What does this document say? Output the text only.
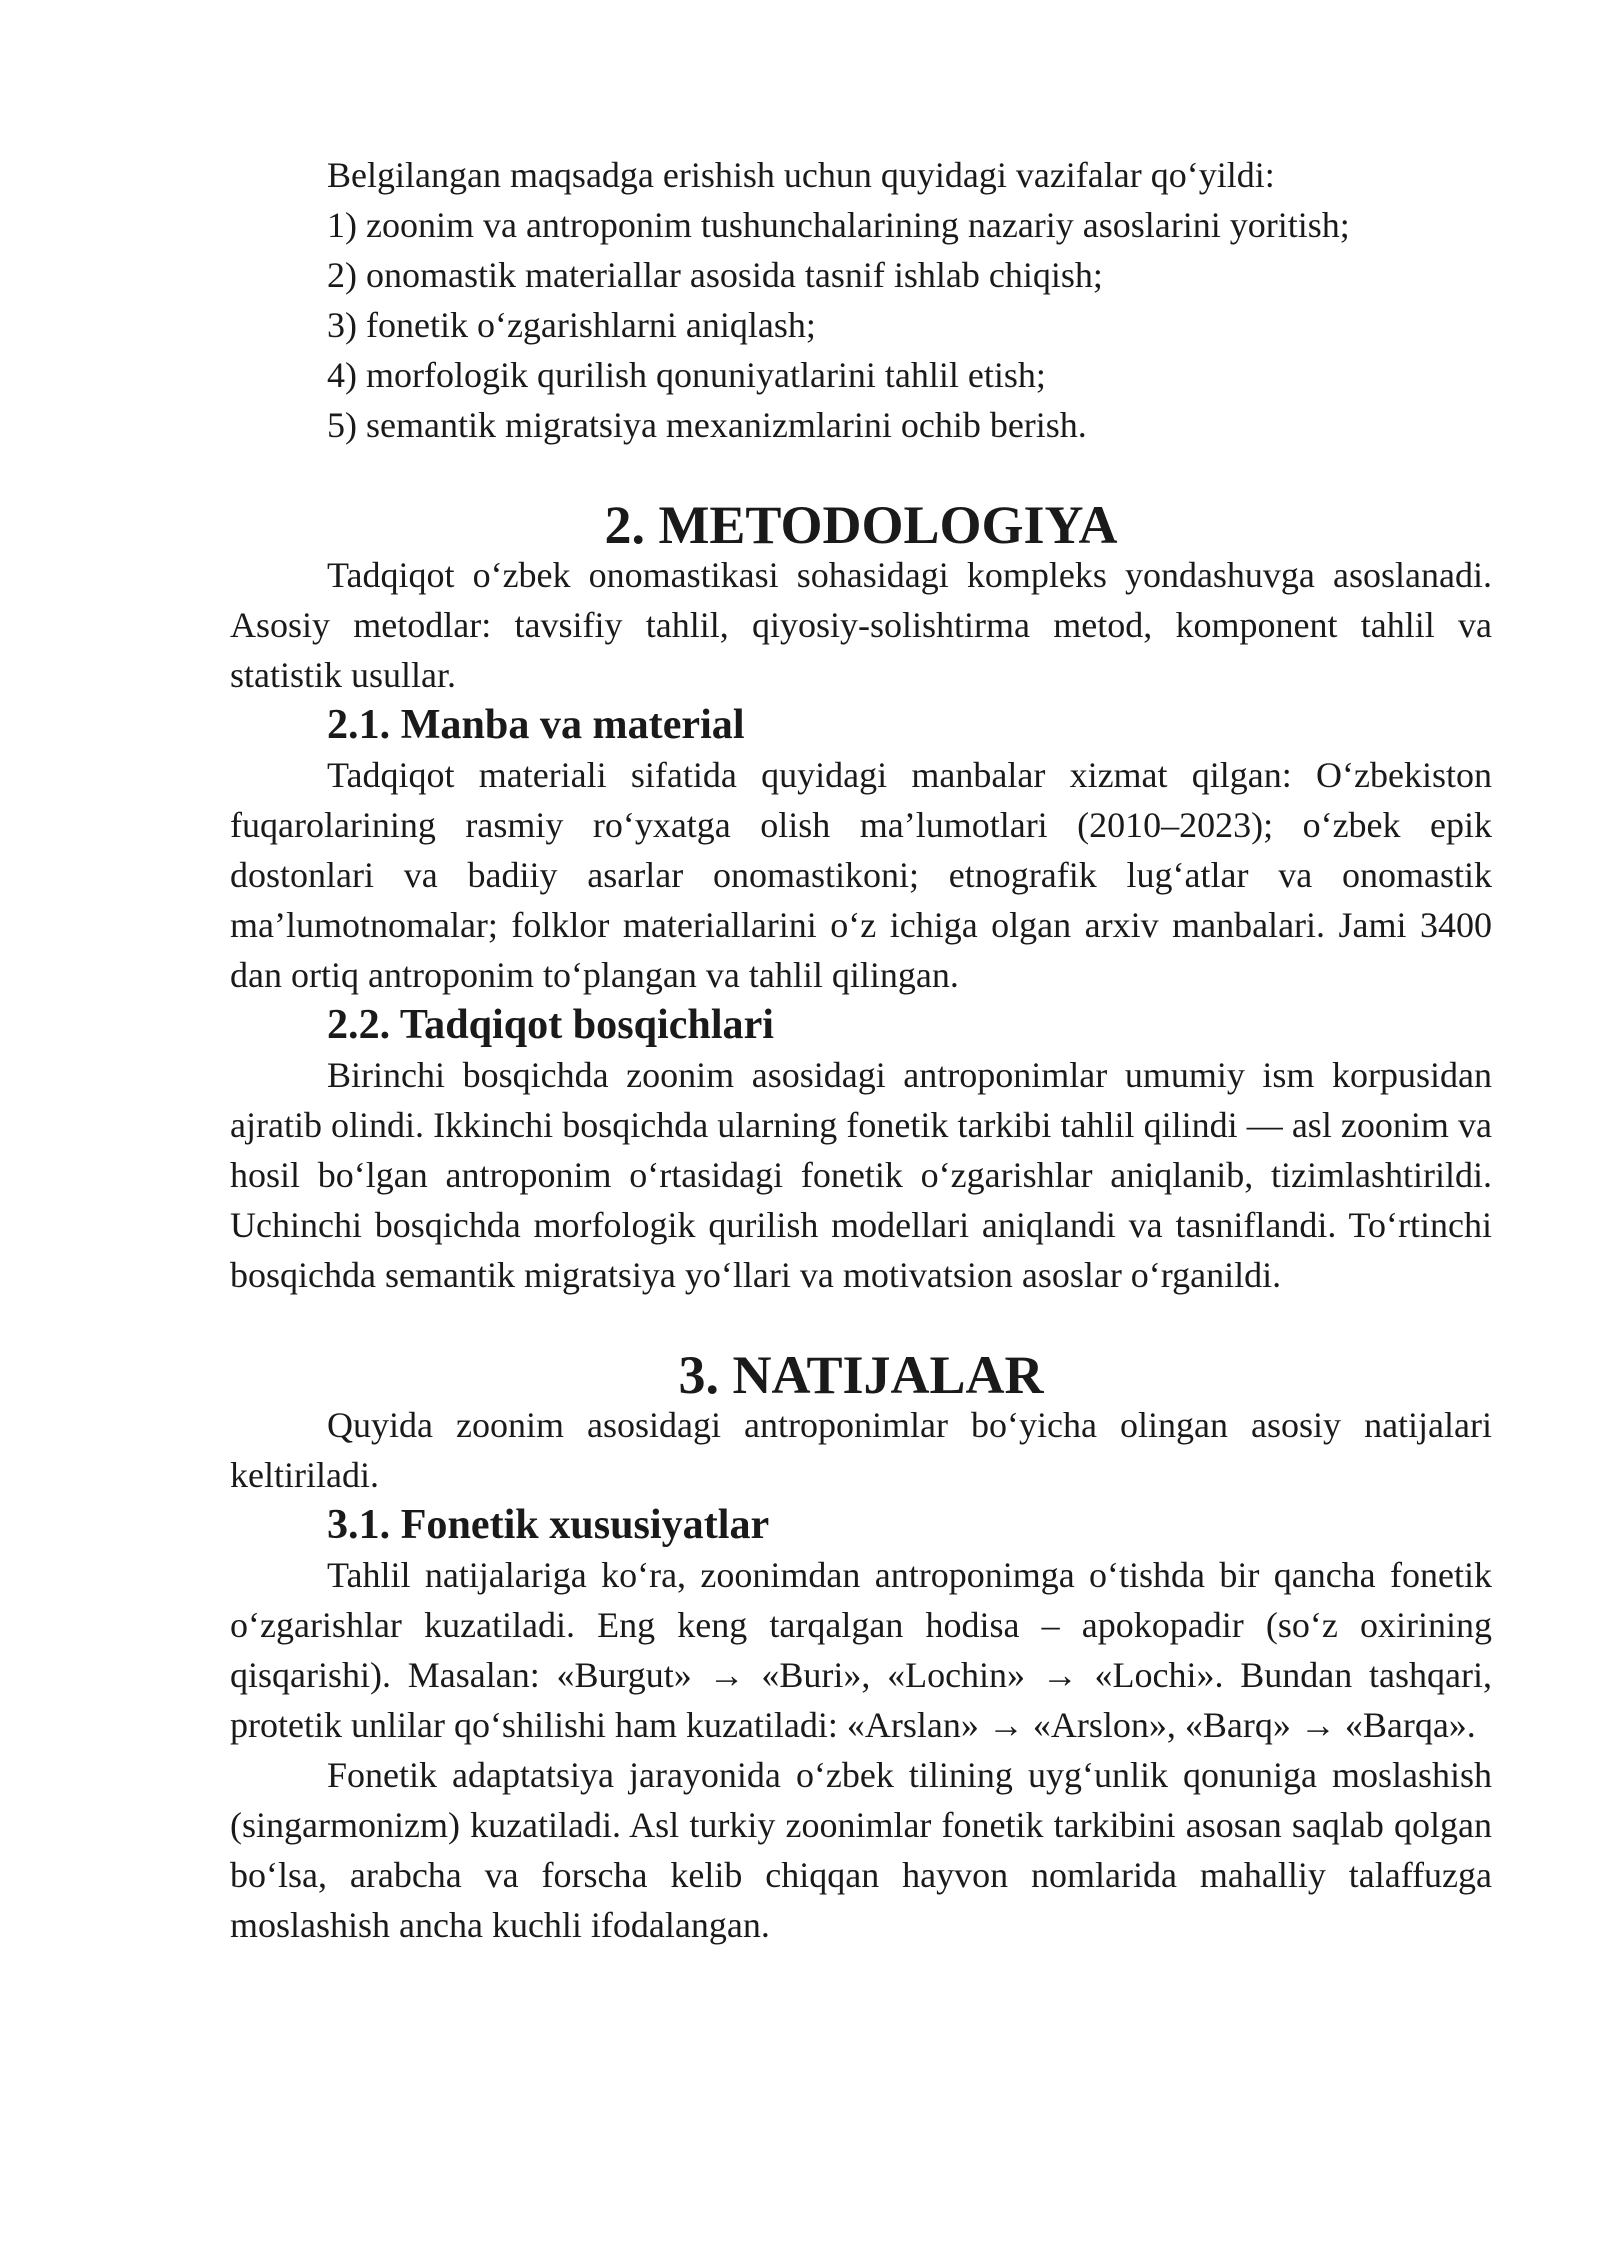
Belgilangan maqsadga erishish uchun quyidagi vazifalar qo‘yildi:

1) zoonim va antroponim tushunchalarining nazariy asoslarini yoritish;

2) onomastik materiallar asosida tasnif ishlab chiqish;

3) fonetik o‘zgarishlarni aniqlash;

4) morfologik qurilish qonuniyatlarini tahlil etish;

5) semantik migratsiya mexanizmlarini ochib berish.

2. METODOLOGIYA

Tadqiqot o‘zbek onomastikasi sohasidagi kompleks yondashuvga asoslanadi. Asosiy metodlar: tavsifiy tahlil, qiyosiy-solishtirma metod, komponent tahlil va statistik usullar.

2.1. Manba va material

Tadqiqot materiali sifatida quyidagi manbalar xizmat qilgan: O‘zbekiston fuqarolarining rasmiy ro‘yxatga olish ma’lumotlari (2010–2023); o‘zbek epik dostonlari va badiiy asarlar onomastikoni; etnografik lug‘atlar va onomastik ma’lumotnomalar; folklor materiallarini o‘z ichiga olgan arxiv manbalari. Jami 3400 dan ortiq antroponim to‘plangan va tahlil qilingan.

2.2. Tadqiqot bosqichlari

Birinchi bosqichda zoonim asosidagi antroponimlar umumiy ism korpusidan ajratib olindi. Ikkinchi bosqichda ularning fonetik tarkibi tahlil qilindi — asl zoonim va hosil bo‘lgan antroponim o‘rtasidagi fonetik o‘zgarishlar aniqlanib, tizimlashtirildi. Uchinchi bosqichda morfologik qurilish modellari aniqlandi va tasniflandi. To‘rtinchi bosqichda semantik migratsiya yo‘llari va motivatsion asoslar o‘rganildi.

3. NATIJALAR

Quyida zoonim asosidagi antroponimlar bo‘yicha olingan asosiy natijalari keltiriladi.

3.1. Fonetik xususiyatlar

Tahlil natijalariga ko‘ra, zoonimdan antroponimga o‘tishda bir qancha fonetik o‘zgarishlar kuzatiladi. Eng keng tarqalgan hodisa – apokopadir (so‘z oxirining qisqarishi). Masalan: «Burgut» → «Buri», «Lochin» → «Lochi». Bundan tashqari, protetik unlilar qo‘shilishi ham kuzatiladi: «Arslan» → «Arslon», «Barq» → «Barqa».

Fonetik adaptatsiya jarayonida o‘zbek tilining uyg‘unlik qonuniga moslashish (singarmonizm) kuzatiladi. Asl turkiy zoonimlar fonetik tarkibini asosan saqlab qolgan bo‘lsa, arabcha va forscha kelib chiqqan hayvon nomlarida mahalliy talaffuzga moslashish ancha kuchli ifodalangan.
